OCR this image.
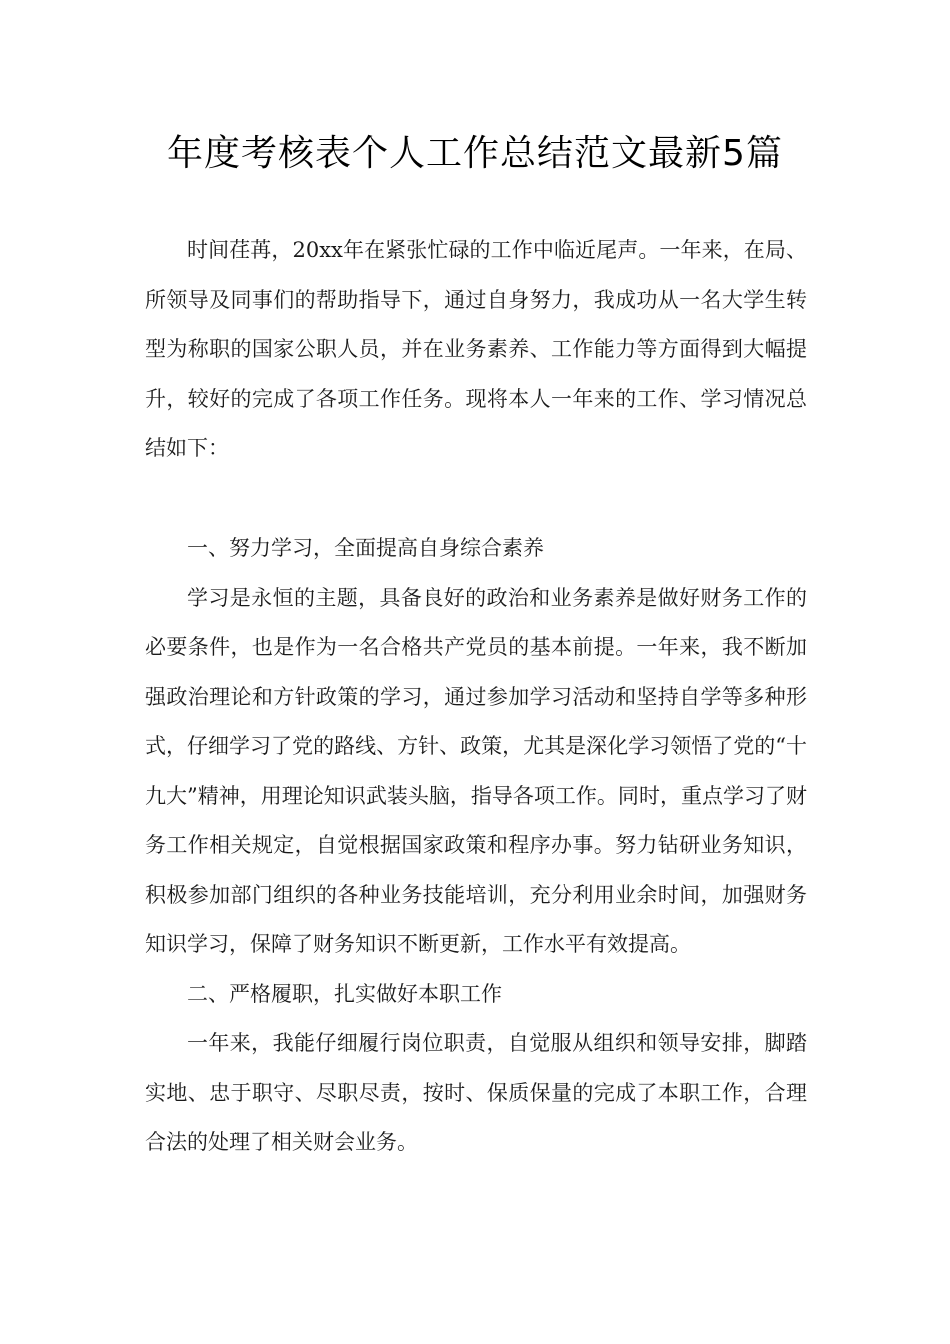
年度考核表个人工作总结范文最新5篇

时间荏苒，20xx年在紧张忙碌的工作中临近尾声。一年来，在局、所领导及同事们的帮助指导下，通过自身努力，我成功从一名大学生转型为称职的国家公职人员，并在业务素养、工作能力等方面得到大幅提升，较好的完成了各项工作任务。现将本人一年来的工作、学习情况总结如下：

一、努力学习，全面提高自身综合素养

学习是永恒的主题，具备良好的政治和业务素养是做好财务工作的必要条件，也是作为一名合格共产党员的基本前提。一年来，我不断加强政治理论和方针政策的学习，通过参加学习活动和坚持自学等多种形式，仔细学习了党的路线、方针、政策，尤其是深化学习领悟了党的“十九大”精神，用理论知识武装头脑，指导各项工作。同时，重点学习了财务工作相关规定，自觉根据国家政策和程序办事。努力钻研业务知识，积极参加部门组织的各种业务技能培训，充分利用业余时间，加强财务知识学习，保障了财务知识不断更新，工作水平有效提高。

二、严格履职，扎实做好本职工作

一年来，我能仔细履行岗位职责，自觉服从组织和领导安排，脚踏实地、忠于职守、尽职尽责，按时、保质保量的完成了本职工作，合理合法的处理了相关财会业务。
